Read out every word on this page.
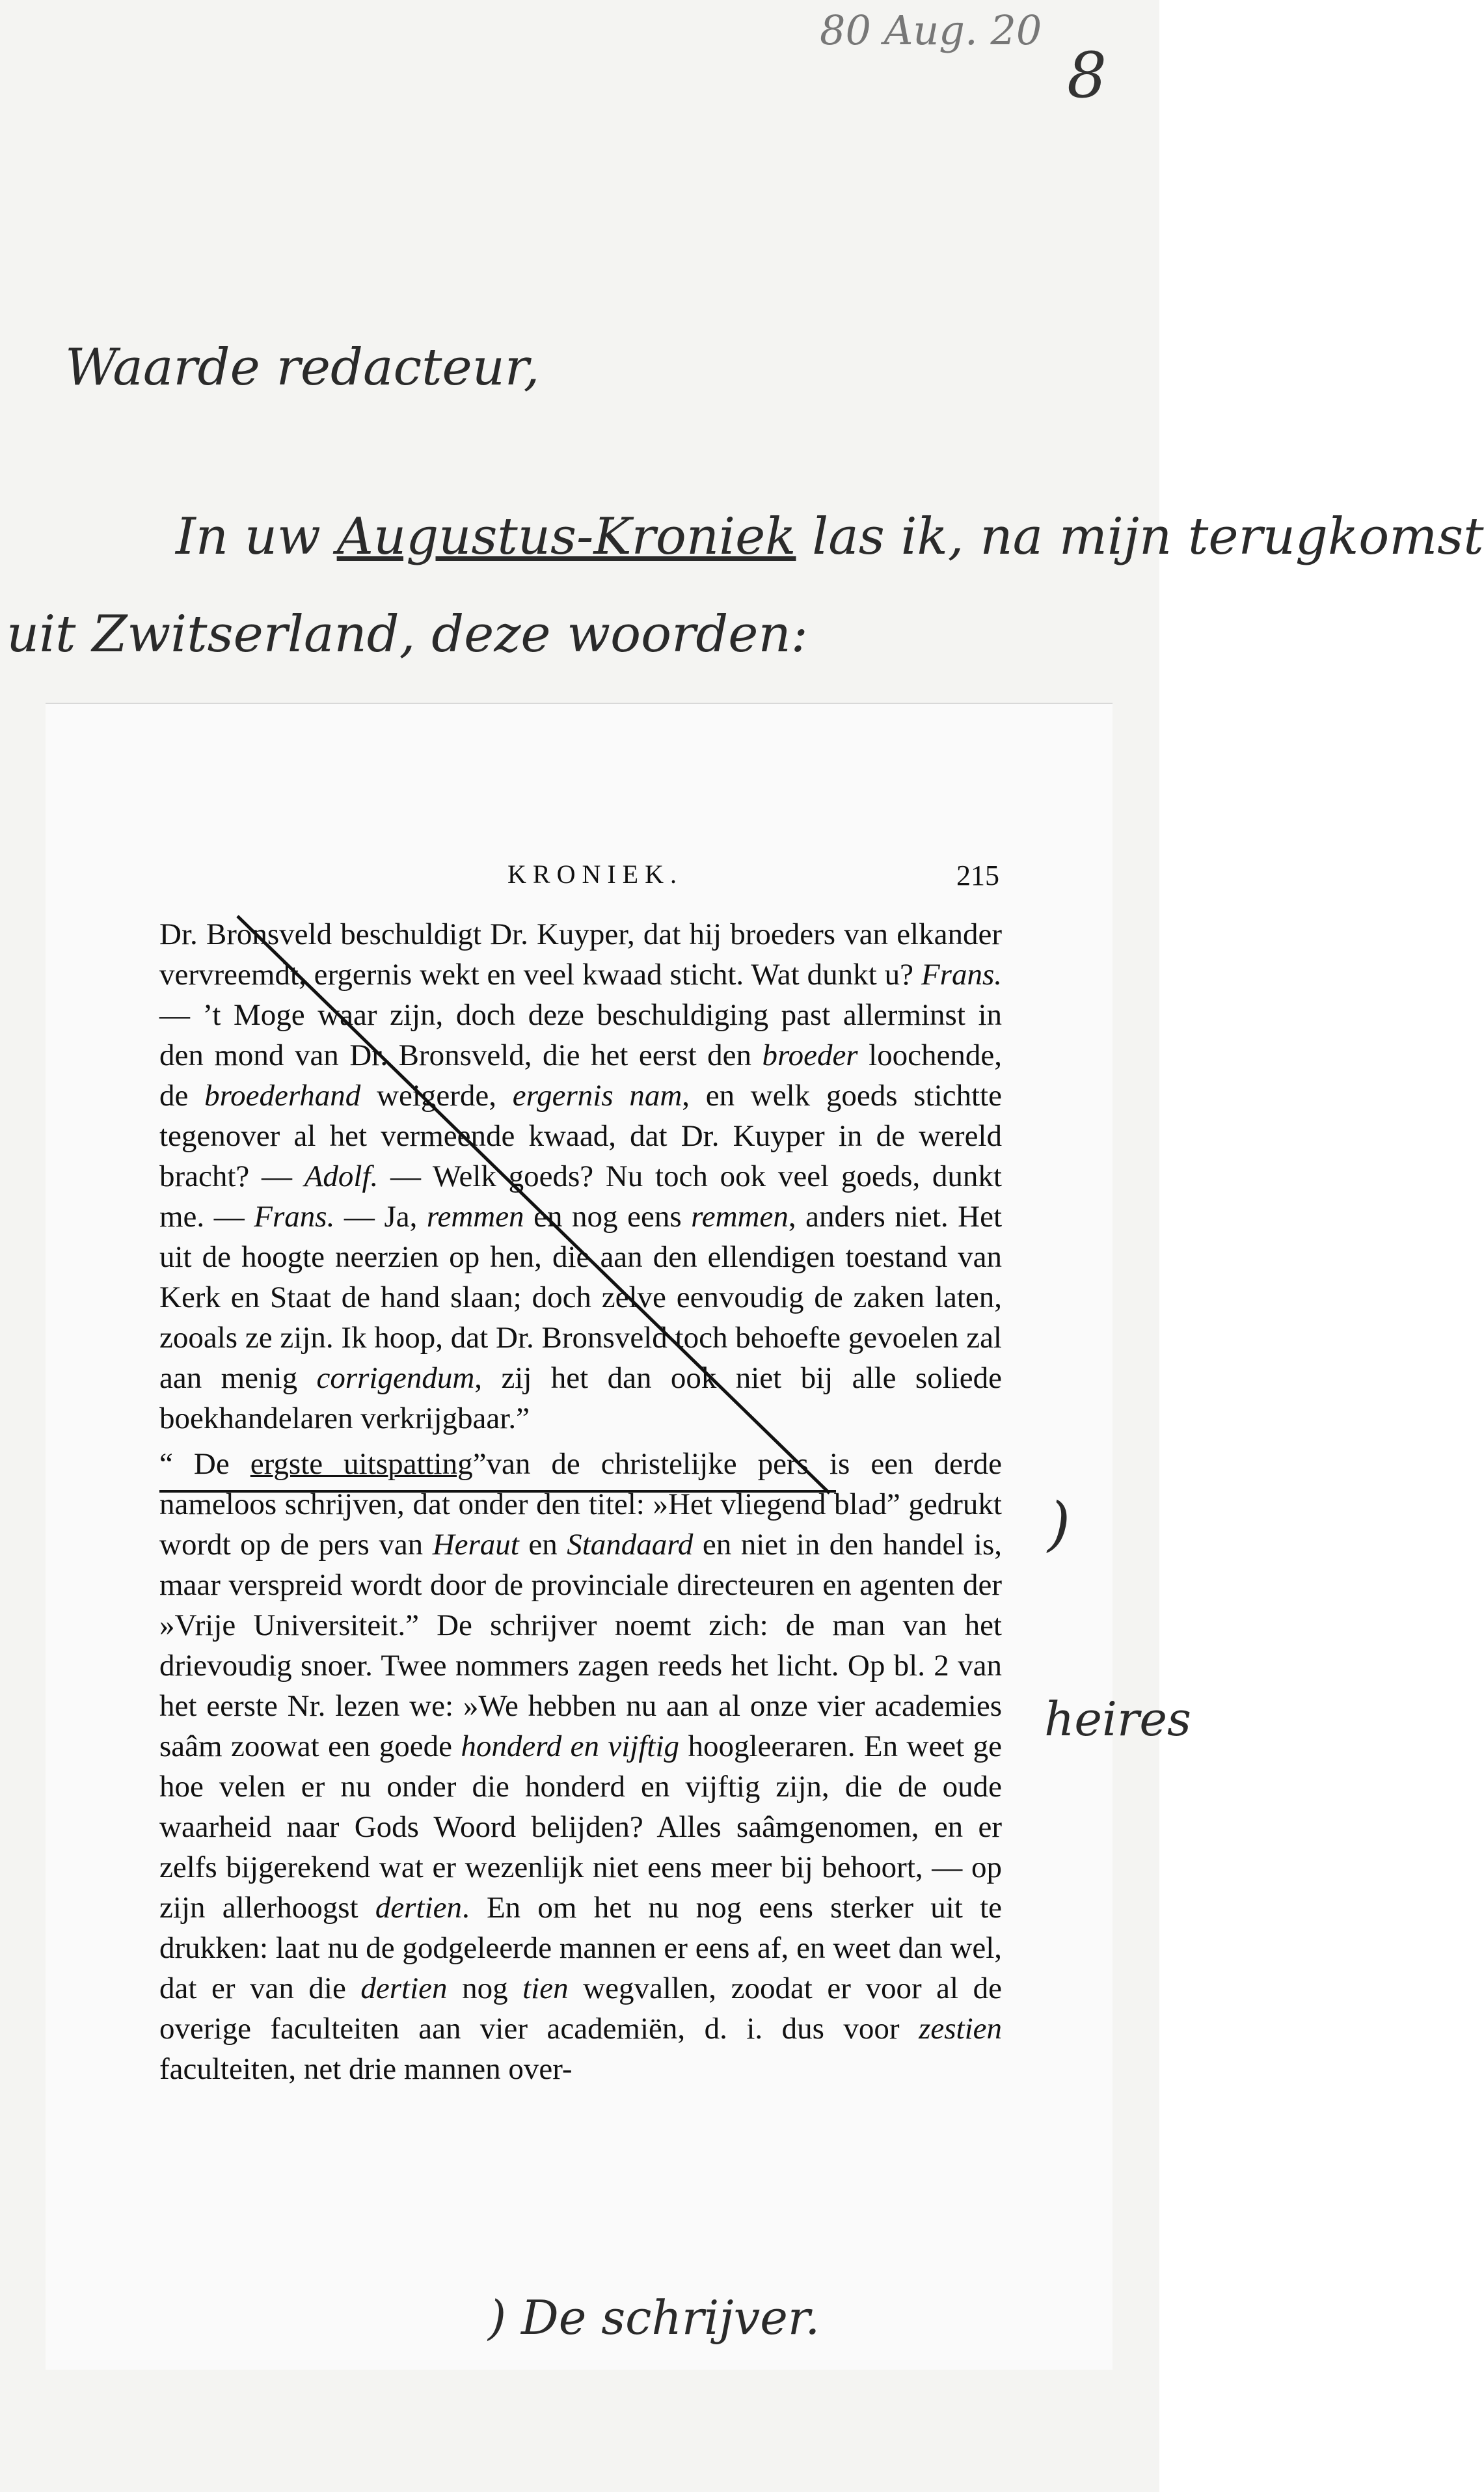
80 Aug. 20
8
Waarde redacteur,
In uw Augustus-Kroniek las ik, na mijn terugkomst
uit Zwitserland, deze woorden:
KRONIEK.	215

Dr. Bronsveld beschuldigt Dr. Kuyper, dat hij broeders van elkander vervreemdt, ergernis wekt en veel kwaad sticht. Wat dunkt u? Frans. — ’t Moge waar zijn, doch deze beschuldiging past allerminst in den mond van Dr. Bronsveld, die het eerst den broeder loochende, de broederhand weigerde, ergernis nam, en welk goeds stichtte tegenover al het vermeende kwaad, dat Dr. Kuyper in de wereld bracht? — Adolf. — Welk goeds? Nu toch ook veel goeds, dunkt me. — Frans. — Ja, remmen en nog eens remmen, anders niet. Het uit de hoogte neerzien op hen, die aan den ellendigen toestand van Kerk en Staat de hand slaan; doch zelve eenvoudig de zaken laten, zooals ze zijn. Ik hoop, dat Dr. Bronsveld toch behoefte gevoelen zal aan menig corrigendum, zij het dan ook niet bij alle soliede boekhandelaren verkrijgbaar.”

“ De ergste uitspatting”van de christelijke pers is een derde nameloos schrijven, dat onder den titel: »Het vliegend blad” gedrukt wordt op de pers van Heraut en Standaard en niet in den handel is, maar verspreid wordt door de provinciale directeuren en agenten der »Vrije Universiteit.” De schrijver noemt zich: de man van het drievoudig snoer. Twee nommers zagen reeds het licht. Op bl. 2 van het eerste Nr. lezen we: »We hebben nu aan al onze vier academies saâm zoowat een goede honderd en vijftig hoogleeraren. En weet ge hoe velen er nu onder die honderd en vijftig zijn, die de oude waarheid naar Gods Woord belijden? Alles saâmgenomen, en er zelfs bijgerekend wat er wezenlijk niet eens meer bij behoort, — op zijn allerhoogst dertien. En om het nu nog eens sterker uit te drukken: laat nu de godgeleerde mannen er eens af, en weet dan wel, dat er van die dertien nog tien wegvallen, zoodat er voor al de overige faculteiten aan vier academiën, d. i. dus voor zestien faculteiten, net drie mannen over-

)
heires
) De schrijver.
